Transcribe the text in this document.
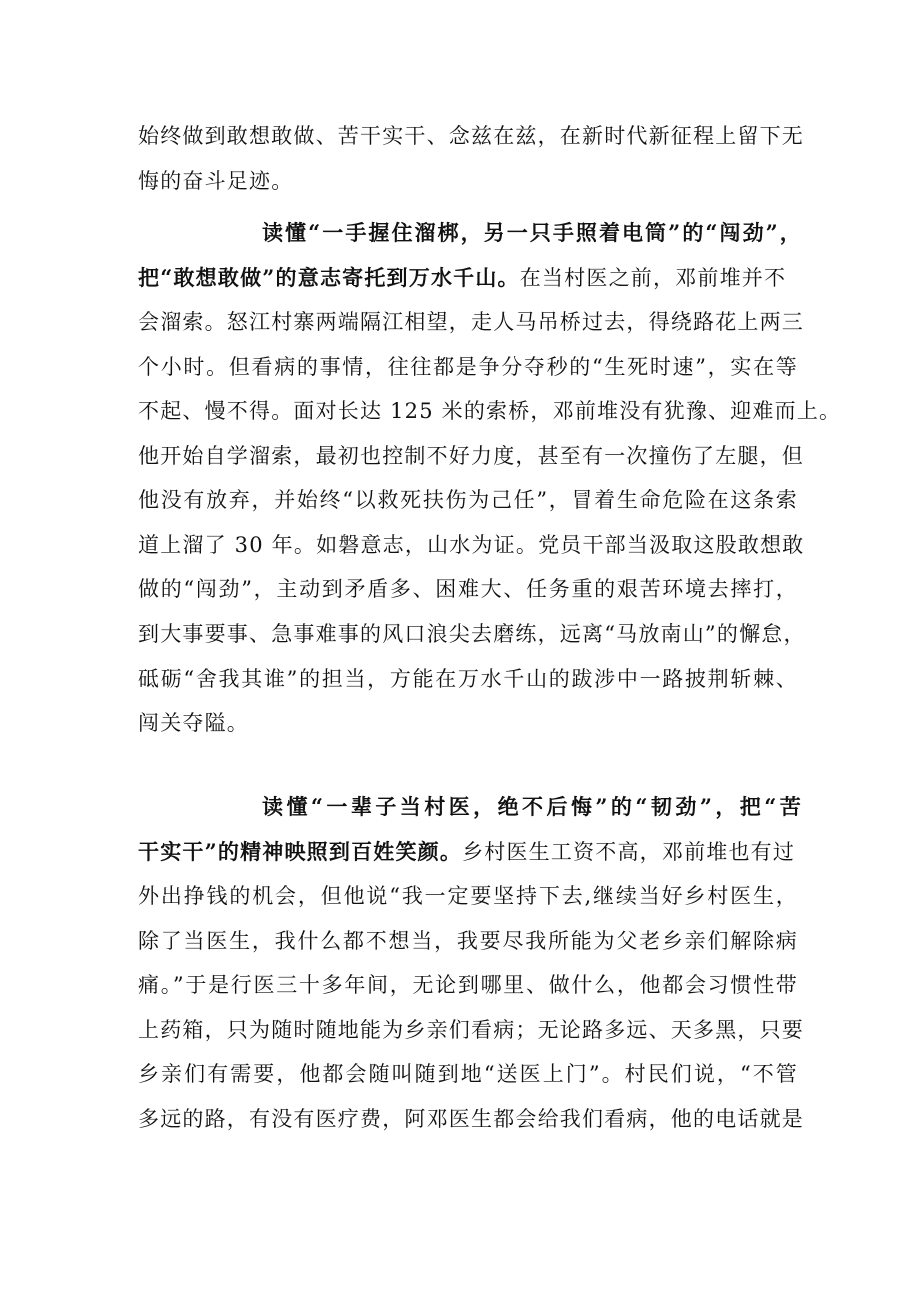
始终做到敢想敢做、苦干实干、念兹在兹，在新时代新征程上留下无
悔的奋斗足迹。
读懂“一手握住溜梆，另一只手照着电筒”的“闯劲”，
把“敢想敢做”的意志寄托到万水千山。在当村医之前，邓前堆并不
会溜索。怒江村寨两端隔江相望，走人马吊桥过去，得绕路花上两三
个小时。但看病的事情，往往都是争分夺秒的“生死时速”，实在等
不起、慢不得。面对长达 125 米的索桥，邓前堆没有犹豫、迎难而上。
他开始自学溜索，最初也控制不好力度，甚至有一次撞伤了左腿，但
他没有放弃，并始终“以救死扶伤为己任”，冒着生命危险在这条索
道上溜了 30 年。如磐意志，山水为证。党员干部当汲取这股敢想敢
做的“闯劲”，主动到矛盾多、困难大、任务重的艰苦环境去摔打，
到大事要事、急事难事的风口浪尖去磨练，远离“马放南山”的懈怠，
砥砺“舍我其谁”的担当，方能在万水千山的跋涉中一路披荆斩棘、
闯关夺隘。
读懂“一辈子当村医，绝不后悔”的“韧劲”，把“苦
干实干”的精神映照到百姓笑颜。乡村医生工资不高，邓前堆也有过
外出挣钱的机会，但他说“我一定要坚持下去,继续当好乡村医生，
除了当医生，我什么都不想当，我要尽我所能为父老乡亲们解除病
痛。”于是行医三十多年间，无论到哪里、做什么，他都会习惯性带
上药箱，只为随时随地能为乡亲们看病；无论路多远、天多黑，只要
乡亲们有需要，他都会随叫随到地“送医上门”。村民们说，“不管
多远的路，有没有医疗费，阿邓医生都会给我们看病，他的电话就是
